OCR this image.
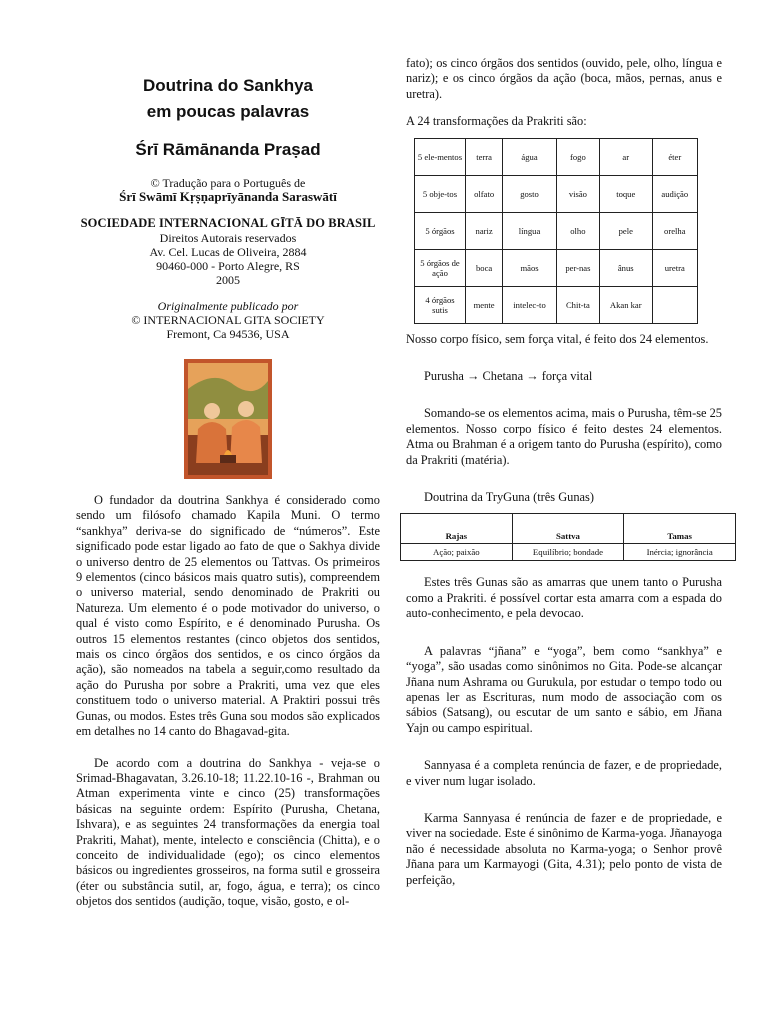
Doutrina do Sankhya
em poucas palavras
Śrī Rāmānanda Praṣad
© Tradução para o Português de
Śrī Swāmī Kṛṣṇaprīyānanda Saraswātī
SOCIEDADE INTERNACIONAL GĪTĀ DO BRASIL
Direitos Autorais reservados
Av. Cel. Lucas de Oliveira, 2884
90460-000 - Porto Alegre, RS
2005
Originalmente publicado por
© INTERNACIONAL GITA SOCIETY
Fremont, Ca 94536, USA

O fundador da doutrina Sankhya é considerado como sendo um filósofo chamado Kapila Muni. O termo “sankhya” deriva-se do significado de “números”. Este significado pode estar ligado ao fato de que o Sakhya divide o universo dentro de 25 elementos ou Tattvas. Os primeiros 9 elementos (cinco básicos mais quatro sutis), compreendem o universo material, sendo denominado de Prakriti ou Natureza. Um elemento é o pode motivador do universo, o qual é visto como Espírito, e é denominado Purusha. Os outros 15 elementos restantes (cinco objetos dos sentidos, mais os cinco órgãos dos sentidos, e os cinco órgãos da ação), são nomeados na tabela a seguir,como resultado da ação do Purusha por sobre a Prakriti, uma vez que eles constituem todo o universo material. A Praktiri possui três Gunas, ou modos. Estes três Guna sou modos são explicados em detalhes no 14 canto do Bhagavad-gita.

De acordo com a doutrina do Sankhya - veja-se o Srimad-Bhagavatan, 3.26.10-18; 11.22.10-16 -, Brahman ou Atman experimenta vinte e cinco (25) transformações básicas na seguinte ordem: Espírito (Purusha, Chetana, Ishvara), e as seguintes 24 transformações da energia toal Prakriti, Mahat), mente, intelecto e consciência (Chitta), e o conceito de individualidade (ego); os cinco elementos básicos ou ingredientes grosseiros, na forma sutil e grosseira (éter ou substância sutil, ar, fogo, água, e terra); os cinco objetos dos sentidos (audição, toque, visão, gosto, e ol-

fato); os cinco órgãos dos sentidos (ouvido, pele, olho, língua e nariz); e os cinco órgãos da ação (boca, mãos, pernas, anus e uretra).

A 24 transformações da Prakriti são:

5 ele-mentos	terra	água	fogo	ar	éter
5 obje-tos	olfato	gosto	visão	toque	audição
5 órgãos	nariz	língua	olho	pele	orelha
5 órgãos de ação	boca	mãos	per-nas	ânus	uretra
4 órgãos sutis	mente	intelec-to	Chit-ta	Akan kar	

Nosso corpo físico, sem força vital, é feito dos 24 elementos.

Purusha → Chetana → força vital

Somando-se os elementos acima, mais o Purusha, têm-se 25 elementos. Nosso corpo físico é feito destes 24 elementos. Atma ou Brahman é a origem tanto do Purusha (espírito), como da Prakriti (matéria).

Doutrina da TryGuna (três Gunas)

Rajas	Sattva	Tamas
Ação; paixão	Equilíbrio; bondade	Inércia; ignorância

Estes três Gunas são as amarras que unem tanto o Purusha como a Prakriti. é possível cortar esta amarra com a espada do auto-conhecimento, e pela devocao.

A palavras “jñana” e “yoga”, bem como “sankhya” e “yoga”, são usadas como sinônimos no Gita. Pode-se alcançar Jñana num Ashrama ou Gurukula, por estudar o tempo todo ou apenas ler as Escrituras, num modo de associação com os sábios (Satsang), ou escutar de um santo e sábio, em Jñana Yajn ou campo espiritual.

Sannyasa é a completa renúncia de fazer, e de propriedade, e viver num lugar isolado.

Karma Sannyasa é renúncia de fazer e de propriedade, e viver na sociedade. Este é sinônimo de Karma-yoga. Jñanayoga não é necessidade absoluta no Karma-yoga; o Senhor provê Jñana para um Karmayogi (Gita, 4.31); pelo ponto de vista de perfeição,
